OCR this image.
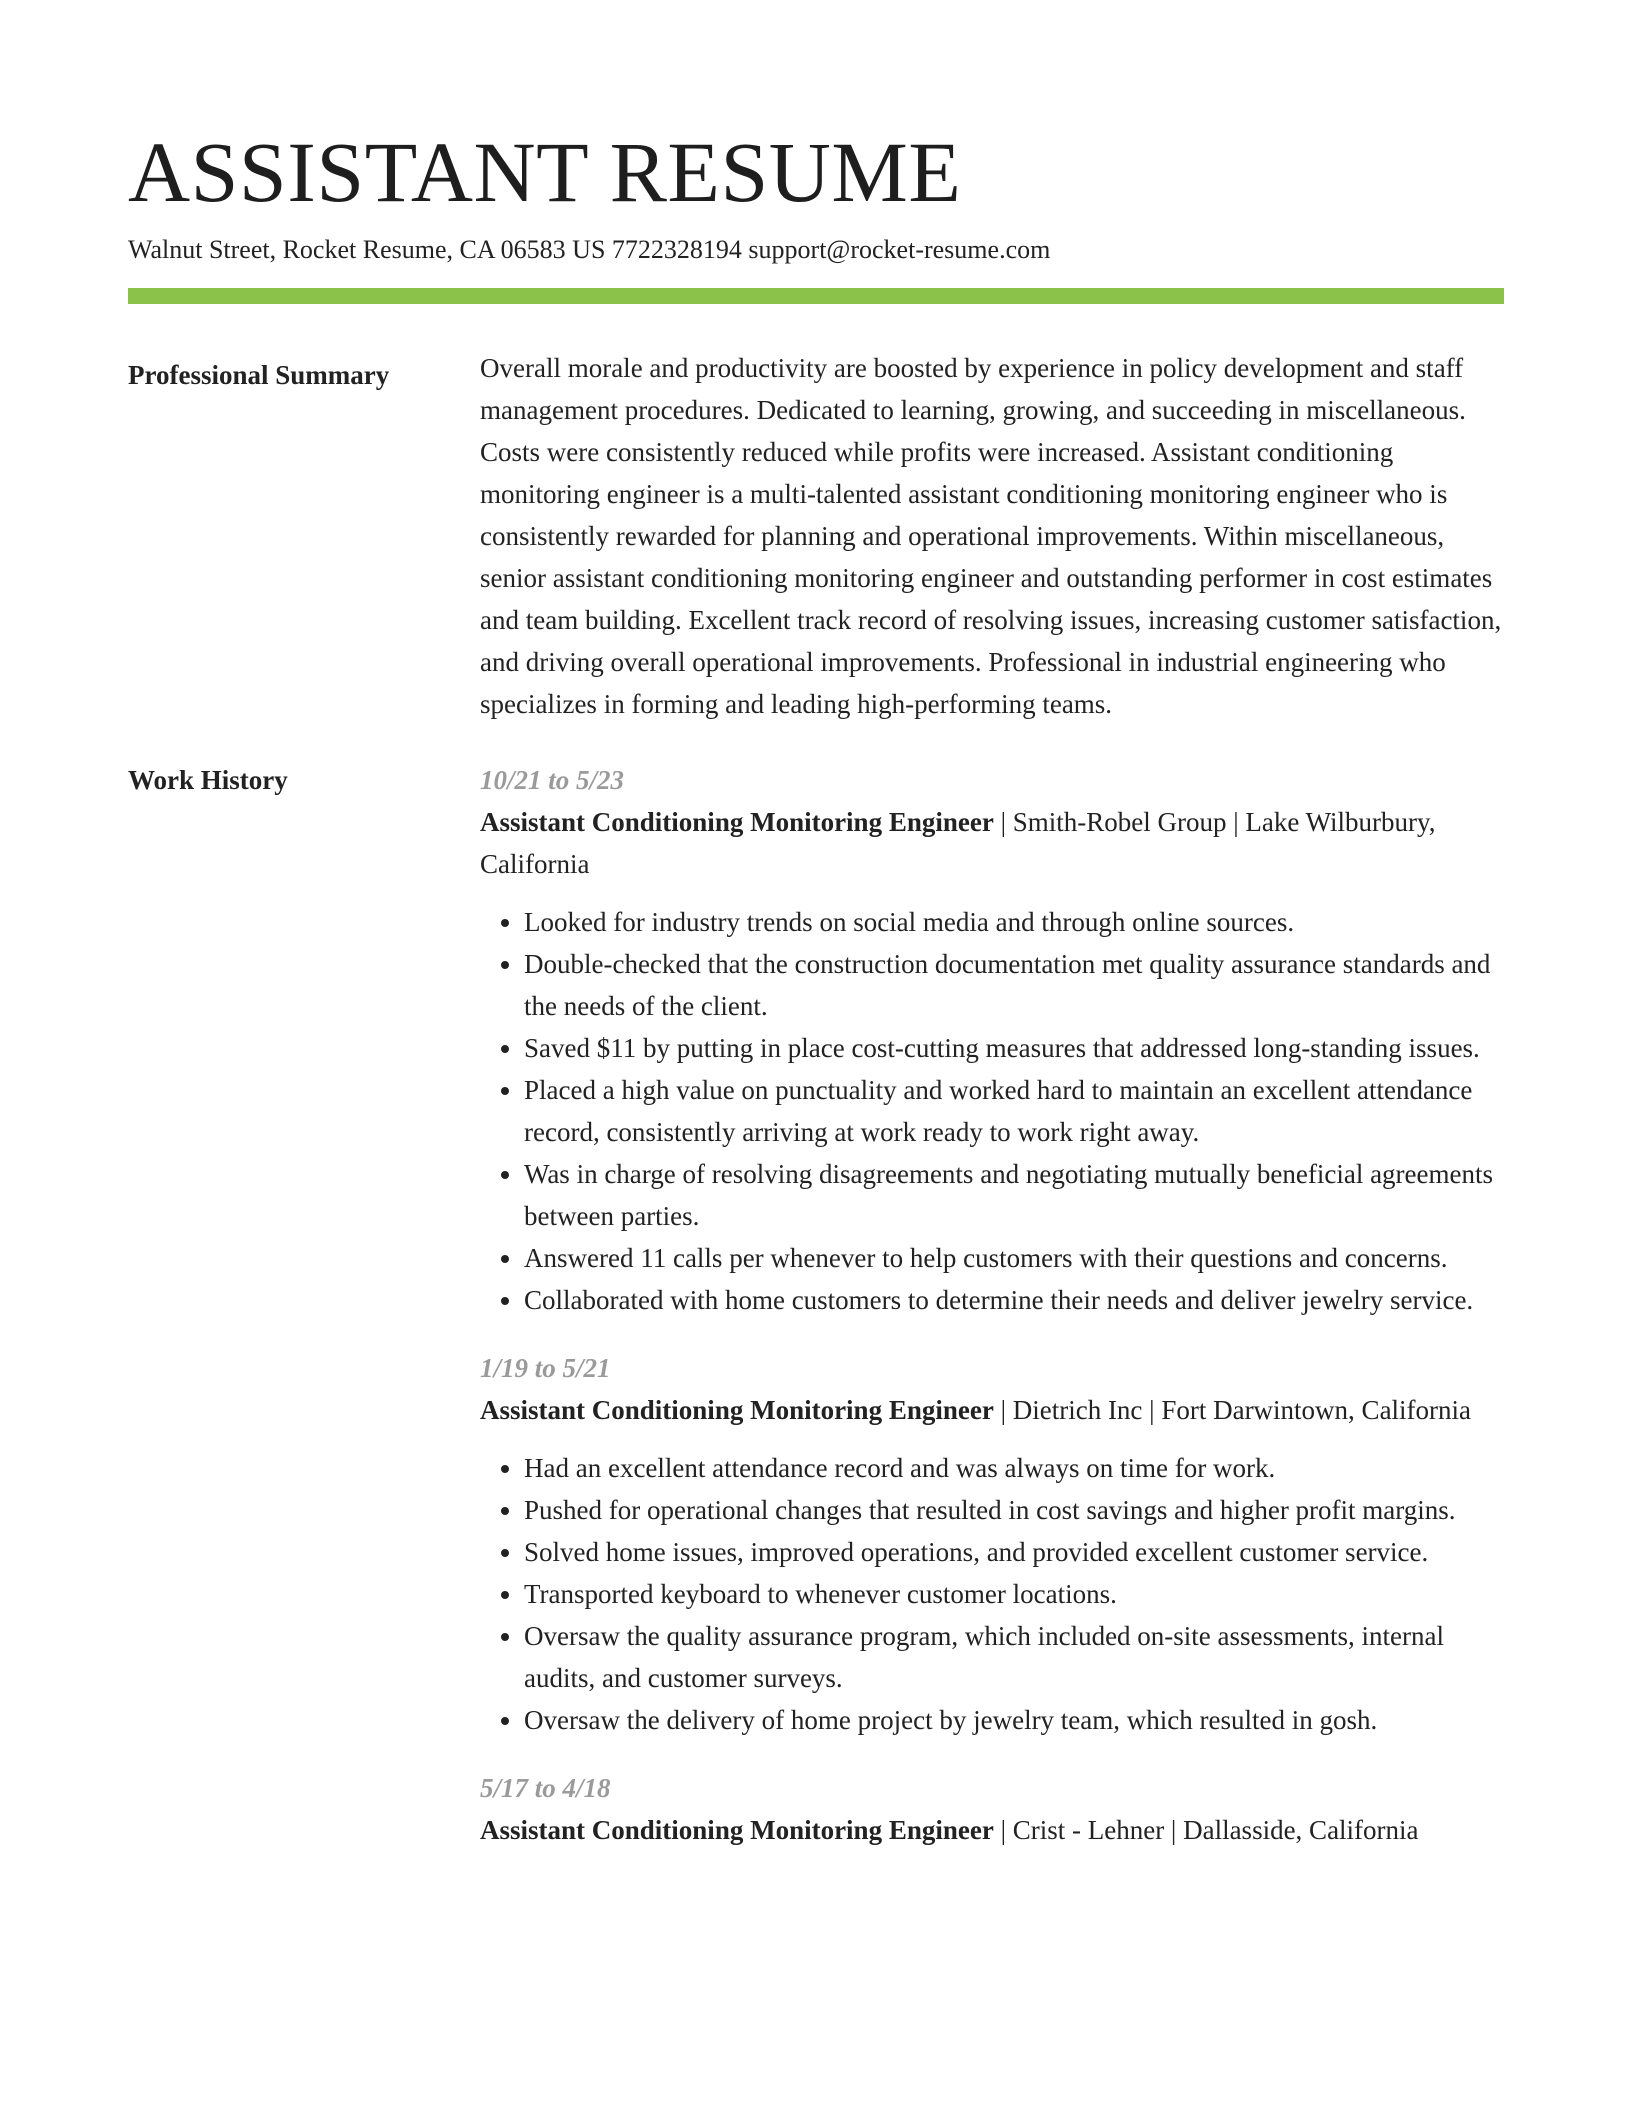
ASSISTANT RESUME
Walnut Street, Rocket Resume, CA 06583 US 7722328194 support@rocket-resume.com
Professional Summary	Overall morale and productivity are boosted by experience in policy development and staff management procedures. Dedicated to learning, growing, and succeeding in miscellaneous. Costs were consistently reduced while profits were increased. Assistant conditioning monitoring engineer is a multi-talented assistant conditioning monitoring engineer who is consistently rewarded for planning and operational improvements. Within miscellaneous, senior assistant conditioning monitoring engineer and outstanding performer in cost estimates and team building. Excellent track record of resolving issues, increasing customer satisfaction, and driving overall operational improvements. Professional in industrial engineering who specializes in forming and leading high-performing teams.

Work History	10/21 to 5/23
Assistant Conditioning Monitoring Engineer | Smith-Robel Group | Lake Wilburbury, California
• Looked for industry trends on social media and through online sources.
• Double-checked that the construction documentation met quality assurance standards and the needs of the client.
• Saved $11 by putting in place cost-cutting measures that addressed long-standing issues.
• Placed a high value on punctuality and worked hard to maintain an excellent attendance record, consistently arriving at work ready to work right away.
• Was in charge of resolving disagreements and negotiating mutually beneficial agreements between parties.
• Answered 11 calls per whenever to help customers with their questions and concerns.
• Collaborated with home customers to determine their needs and deliver jewelry service.
1/19 to 5/21
Assistant Conditioning Monitoring Engineer | Dietrich Inc | Fort Darwintown, California
• Had an excellent attendance record and was always on time for work.
• Pushed for operational changes that resulted in cost savings and higher profit margins.
• Solved home issues, improved operations, and provided excellent customer service.
• Transported keyboard to whenever customer locations.
• Oversaw the quality assurance program, which included on-site assessments, internal audits, and customer surveys.
• Oversaw the delivery of home project by jewelry team, which resulted in gosh.
5/17 to 4/18
Assistant Conditioning Monitoring Engineer | Crist - Lehner | Dallasside, California
